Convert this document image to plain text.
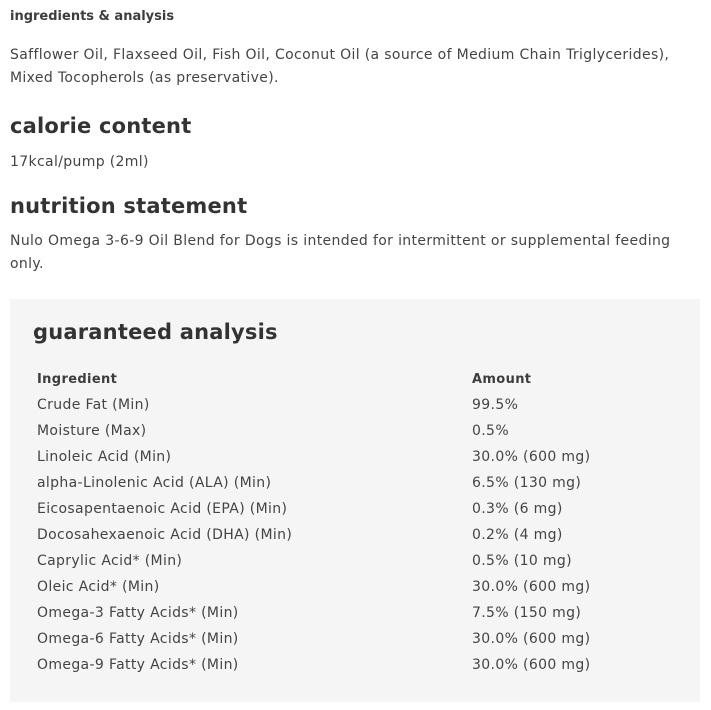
ingredients & analysis

Safflower Oil, Flaxseed Oil, Fish Oil, Coconut Oil (a source of Medium Chain Triglycerides), Mixed Tocopherols (as preservative).

calorie content

17kcal/pump (2ml)

nutrition statement

Nulo Omega 3-6-9 Oil Blend for Dogs is intended for intermittent or supplemental feeding only.

guaranteed analysis
Ingredient	Amount
Crude Fat (Min)	99.5%
Moisture (Max)	0.5%
Linoleic Acid (Min)	30.0% (600 mg)
alpha-Linolenic Acid (ALA) (Min)	6.5% (130 mg)
Eicosapentaenoic Acid (EPA) (Min)	0.3% (6 mg)
Docosahexaenoic Acid (DHA) (Min)	0.2% (4 mg)
Caprylic Acid* (Min)	0.5% (10 mg)
Oleic Acid* (Min)	30.0% (600 mg)
Omega-3 Fatty Acids* (Min)	7.5% (150 mg)
Omega-6 Fatty Acids* (Min)	30.0% (600 mg)
Omega-9 Fatty Acids* (Min)	30.0% (600 mg)
